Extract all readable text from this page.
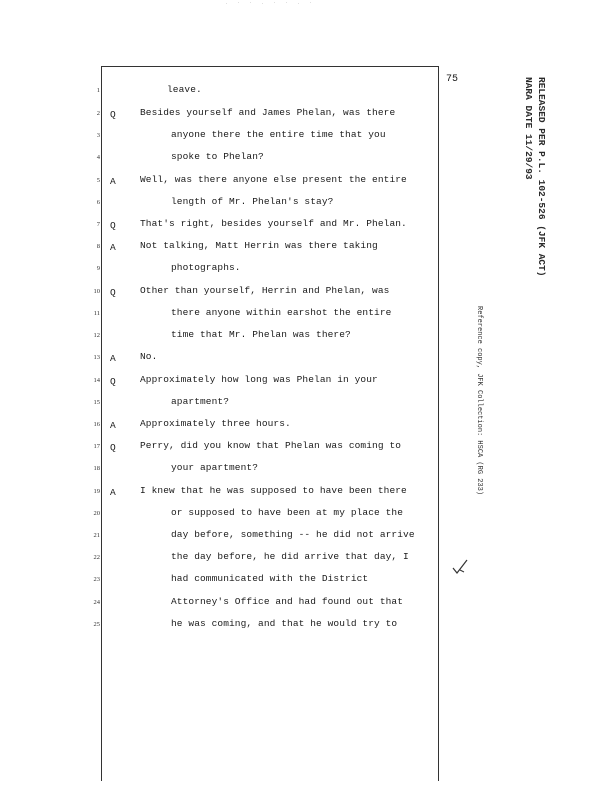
. · · . · · . ·
75
1	leave.
2 Q	Besides yourself and James Phelan, was there
3	anyone there the entire time that you
4	spoke to Phelan?
5 A	Well, was there anyone else present the entire
6	length of Mr. Phelan's stay?
7 Q	That's right, besides yourself and Mr. Phelan.
8 A	Not talking, Matt Herrin was there taking
9	photographs.
10 Q	Other than yourself, Herrin and Phelan, was
11	there anyone within earshot the entire
12	time that Mr. Phelan was there?
13 A	No.
14 Q	Approximately how long was Phelan in your
15	apartment?
16 A	Approximately three hours.
17 Q	Perry, did you know that Phelan was coming to
18	your apartment?
19 A	I knew that he was supposed to have been there
20	or supposed to have been at my place the
21	day before, something -- he did not arrive
22	the day before, he did arrive that day, I
23	had communicated with the District
24	Attorney's Office and had found out that
25	he was coming, and that he would try to
RELEASED PER P.L. 102-526 (JFK ACT)
NARA DATE 11/29/93
Reference copy, JFK Collection: HSCA (RG 233)
